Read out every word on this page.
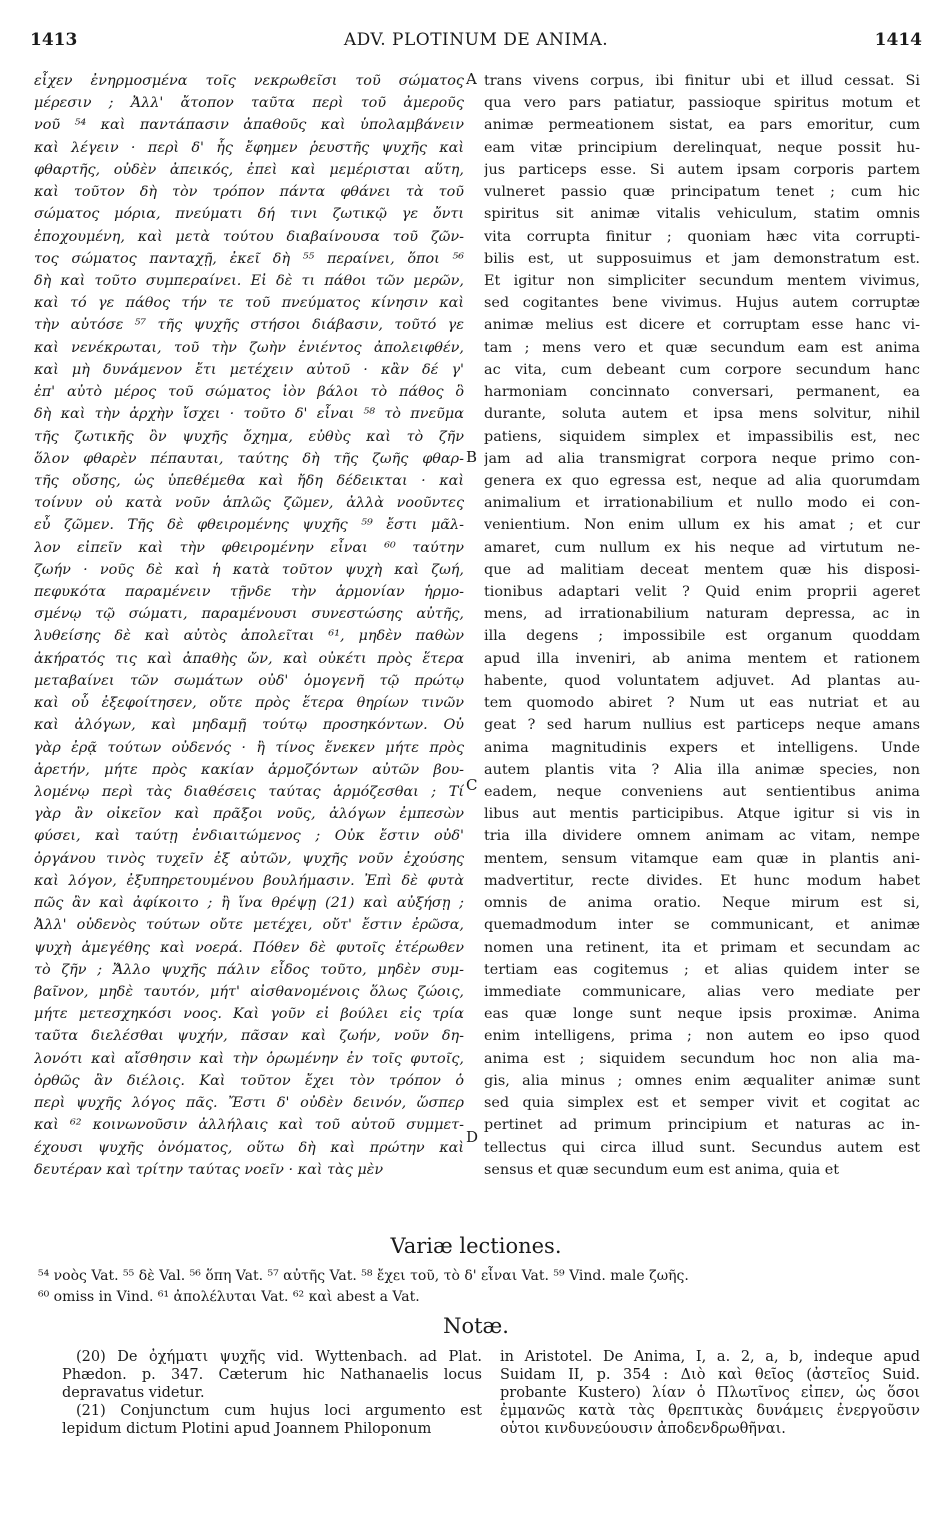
1413	ADV. PLOTINUM DE ANIMA.	1414
εἶχεν ἐνηρμοσμένα τοῖς νεκρωθεῖσι τοῦ σώματος
μέρεσιν ; Ἀλλ' ἄτοπον ταῦτα περὶ τοῦ ἀμεροῦς
νοῦ ⁵⁴ καὶ παντάπασιν ἀπαθοῦς καὶ ὑπολαμβάνειν
καὶ λέγειν · περὶ δ' ἧς ἔφημεν ῥευστῆς ψυχῆς καὶ
φθαρτῆς, οὐδὲν ἀπεικός, ἐπεὶ καὶ μεμέρισται αὕτη,
καὶ τοῦτον δὴ τὸν τρόπον πάντα φθάνει τὰ τοῦ
σώματος μόρια, πνεύματι δή τινι ζωτικῷ γε ὄντι
ἐποχουμένη, καὶ μετὰ τούτου διαβαίνουσα τοῦ ζῶν-
τος σώματος πανταχῇ, ἐκεῖ δὴ ⁵⁵ περαίνει, ὅποι ⁵⁶
δὴ καὶ τοῦτο συμπεραίνει. Εἰ δὲ τι πάθοι τῶν μερῶν,
καὶ τό γε πάθος τήν τε τοῦ πνεύματος κίνησιν καὶ
τὴν αὐτόσε ⁵⁷ τῆς ψυχῆς στήσοι διάβασιν, τοῦτό γε
καὶ νενέκρωται, τοῦ τὴν ζωὴν ἐνιέντος ἀπολειφθέν,
καὶ μὴ δυνάμενον ἔτι μετέχειν αὐτοῦ · κἂν δέ γ'
ἐπ' αὐτὸ μέρος τοῦ σώματος ἰὸν βάλοι τὸ πάθος ὃ
δὴ καὶ τὴν ἀρχὴν ἴσχει · τοῦτο δ' εἶναι ⁵⁸ τὸ πνεῦμα
τῆς ζωτικῆς ὂν ψυχῆς ὄχημα, εὐθὺς καὶ τὸ ζῆν
ὅλον φθαρὲν πέπαυται, ταύτης δὴ τῆς ζωῆς φθαρ-
τῆς οὔσης, ὡς ὑπεθέμεθα καὶ ἤδη δέδεικται · καὶ
τοίνυν οὐ κατὰ νοῦν ἁπλῶς ζῶμεν, ἀλλὰ νοοῦντες
εὖ ζῶμεν. Τῆς δὲ φθειρομένης ψυχῆς ⁵⁹ ἔστι μᾶλ-
λον εἰπεῖν καὶ τὴν φθειρομένην εἶναι ⁶⁰ ταύτην
ζωήν · νοῦς δὲ καὶ ἡ κατὰ τοῦτον ψυχὴ καὶ ζωή,
πεφυκότα παραμένειν τῇνδε τὴν ἁρμονίαν ἡρμο-
σμένῳ τῷ σώματι, παραμένουσι συνεστώσης αὐτῆς,
λυθείσης δὲ καὶ αὐτὸς ἀπολεῖται ⁶¹, μηδὲν παθὼν
ἀκήρατός τις καὶ ἀπαθὴς ὤν, καὶ οὐκέτι πρὸς ἕτερα
μεταβαίνει τῶν σωμάτων οὐδ' ὁμογενῆ τῷ πρώτῳ
καὶ οὗ ἐξεφοίτησεν, οὔτε πρὸς ἕτερα θηρίων τινῶν
καὶ ἀλόγων, καὶ μηδαμῇ τούτῳ προσηκόντων. Οὐ
γὰρ ἐρᾷ τούτων οὐδενός · ἢ τίνος ἕνεκεν μήτε πρὸς
ἀρετήν, μήτε πρὸς κακίαν ἁρμοζόντων αὐτῶν βου-
λομένῳ περὶ τὰς διαθέσεις ταύτας ἁρμόζεσθαι ; Τί
γὰρ ἂν οἰκεῖον καὶ πρᾶξοι νοῦς, ἀλόγων ἐμπεσὼν
φύσει, καὶ ταύτῃ ἐνδιαιτώμενος ; Οὐκ ἔστιν οὐδ'
ὀργάνου τινὸς τυχεῖν ἐξ αὐτῶν, ψυχῆς νοῦν ἐχούσης
καὶ λόγον, ἐξυπηρετουμένου βουλήμασιν. Ἐπὶ δὲ φυτὰ
πῶς ἂν καὶ ἀφίκοιτο ; ἢ ἵνα θρέψῃ (21) καὶ αὐξήσῃ ;
Ἀλλ' οὐδενὸς τούτων οὔτε μετέχει, οὔτ' ἔστιν ἐρῶσα,
ψυχὴ ἀμεγέθης καὶ νοερά. Πόθεν δὲ φυτοῖς ἑτέρωθεν
τὸ ζῆν ; Ἄλλο ψυχῆς πάλιν εἶδος τοῦτο, μηδὲν συμ-
βαῖνον, μηδὲ ταυτόν, μήτ' αἰσθανομένοις ὅλως ζώοις,
μήτε μετεσχηκόσι νοος. Καὶ γοῦν εἰ βούλει εἰς τρία
ταῦτα διελέσθαι ψυχήν, πᾶσαν καὶ ζωήν, νοῦν δη-
λονότι καὶ αἴσθησιν καὶ τὴν ὁρωμένην ἐν τοῖς φυτοῖς,
ὀρθῶς ἂν διέλοις. Καὶ τοῦτον ἔχει τὸν τρόπον ὁ
περὶ ψυχῆς λόγος πᾶς. Ἔστι δ' οὐδὲν δεινόν, ὥσπερ
καὶ ⁶² κοινωνοῦσιν ἀλλήλαις καὶ τοῦ αὐτοῦ συμμετ-
έχουσι ψυχῆς ὀνόματος, οὕτω δὴ καὶ πρώτην καὶ
δευτέραν καὶ τρίτην ταύτας νοεῖν · καὶ τὰς μὲν
trans vivens corpus, ibi finitur ubi et illud cessat. Si
qua vero pars patiatur, passioque spiritus motum et
animæ permeationem sistat, ea pars emoritur, cum
eam vitæ principium derelinquat, neque possit hu-
jus particeps esse. Si autem ipsam corporis partem
vulneret passio quæ principatum tenet ; cum hic
spiritus sit animæ vitalis vehiculum, statim omnis
vita corrupta finitur ; quoniam hæc vita corrupti-
bilis est, ut supposuimus et jam demonstratum est.
Et igitur non simpliciter secundum mentem vivimus,
sed cogitantes bene vivimus. Hujus autem corruptæ
animæ melius est dicere et corruptam esse hanc vi-
tam ; mens vero et quæ secundum eam est anima
ac vita, cum debeant cum corpore secundum hanc
harmoniam concinnato conversari, permanent, ea
durante, soluta autem et ipsa mens solvitur, nihil
patiens, siquidem simplex et impassibilis est, nec
jam ad alia transmigrat corpora neque primo con-
genera ex quo egressa est, neque ad alia quorumdam
animalium et irrationabilium et nullo modo ei con-
venientium. Non enim ullum ex his amat ; et cur
amaret, cum nullum ex his neque ad virtutum ne-
que ad malitiam deceat mentem quæ his disposi-
tionibus adaptari velit ? Quid enim proprii ageret
mens, ad irrationabilium naturam depressa, ac in
illa degens ; impossibile est organum quoddam
apud illa inveniri, ab anima mentem et rationem
habente, quod voluntatem adjuvet. Ad plantas au-
tem quomodo abiret ? Num ut eas nutriat et au
geat ? sed harum nullius est particeps neque amans
anima magnitudinis expers et intelligens. Unde
autem plantis vita ? Alia illa animæ species, non
eadem, neque conveniens aut sentientibus anima
libus aut mentis participibus. Atque igitur si vis in
tria illa dividere omnem animam ac vitam, nempe
mentem, sensum vitamque eam quæ in plantis ani-
madvertitur, recte divides. Et hunc modum habet
omnis de anima oratio. Neque mirum est si,
quemadmodum inter se communicant, et animæ
nomen una retinent, ita et primam et secundam ac
tertiam eas cogitemus ; et alias quidem inter se
immediate communicare, alias vero mediate per
eas quæ longe sunt neque ipsis proximæ. Anima
enim intelligens, prima ; non autem eo ipso quod
anima est ; siquidem secundum hoc non alia ma-
gis, alia minus ; omnes enim æqualiter animæ sunt
sed quia simplex est et semper vivit et cogitat ac
pertinet ad primum principium et naturas ac in-
tellectus qui circa illud sunt. Secundus autem est
sensus et quæ secundum eum est anima, quia et
A
B
C
D
Variæ lectiones.
⁵⁴ νοὸς Vat. ⁵⁵ δὲ Val. ⁵⁶ ὅπη Vat. ⁵⁷ αὐτῆς Vat. ⁵⁸ ἔχει τοῦ, τὸ δ' εἶναι Vat. ⁵⁹ Vind. male ζωῆς.
⁶⁰ omiss in Vind. ⁶¹ ἀπολέλυται Vat. ⁶² καὶ abest a Vat.
Notæ.
(20) De ὀχήματι ψυχῆς vid. Wyttenbach. ad Plat.
Phædon. p. 347. Cæterum hic Nathanaelis locus
depravatus videtur.
(21) Conjunctum cum hujus loci argumento est
lepidum dictum Plotini apud Joannem Philoponum
in Aristotel. De Anima, I, a. 2, a, b, indeque apud
Suidam II, p. 354 : Διὸ καὶ θεῖος (ἀστεῖος Suid.
probante Kustero) λίαν ὁ Πλωτῖνος εἶπεν, ὡς ὅσοι
ἐμμανῶς κατὰ τὰς θρεπτικὰς δυνάμεις ἐνεργοῦσιν
οὗτοι κινδυνεύουσιν ἀποδενδρωθῆναι.
